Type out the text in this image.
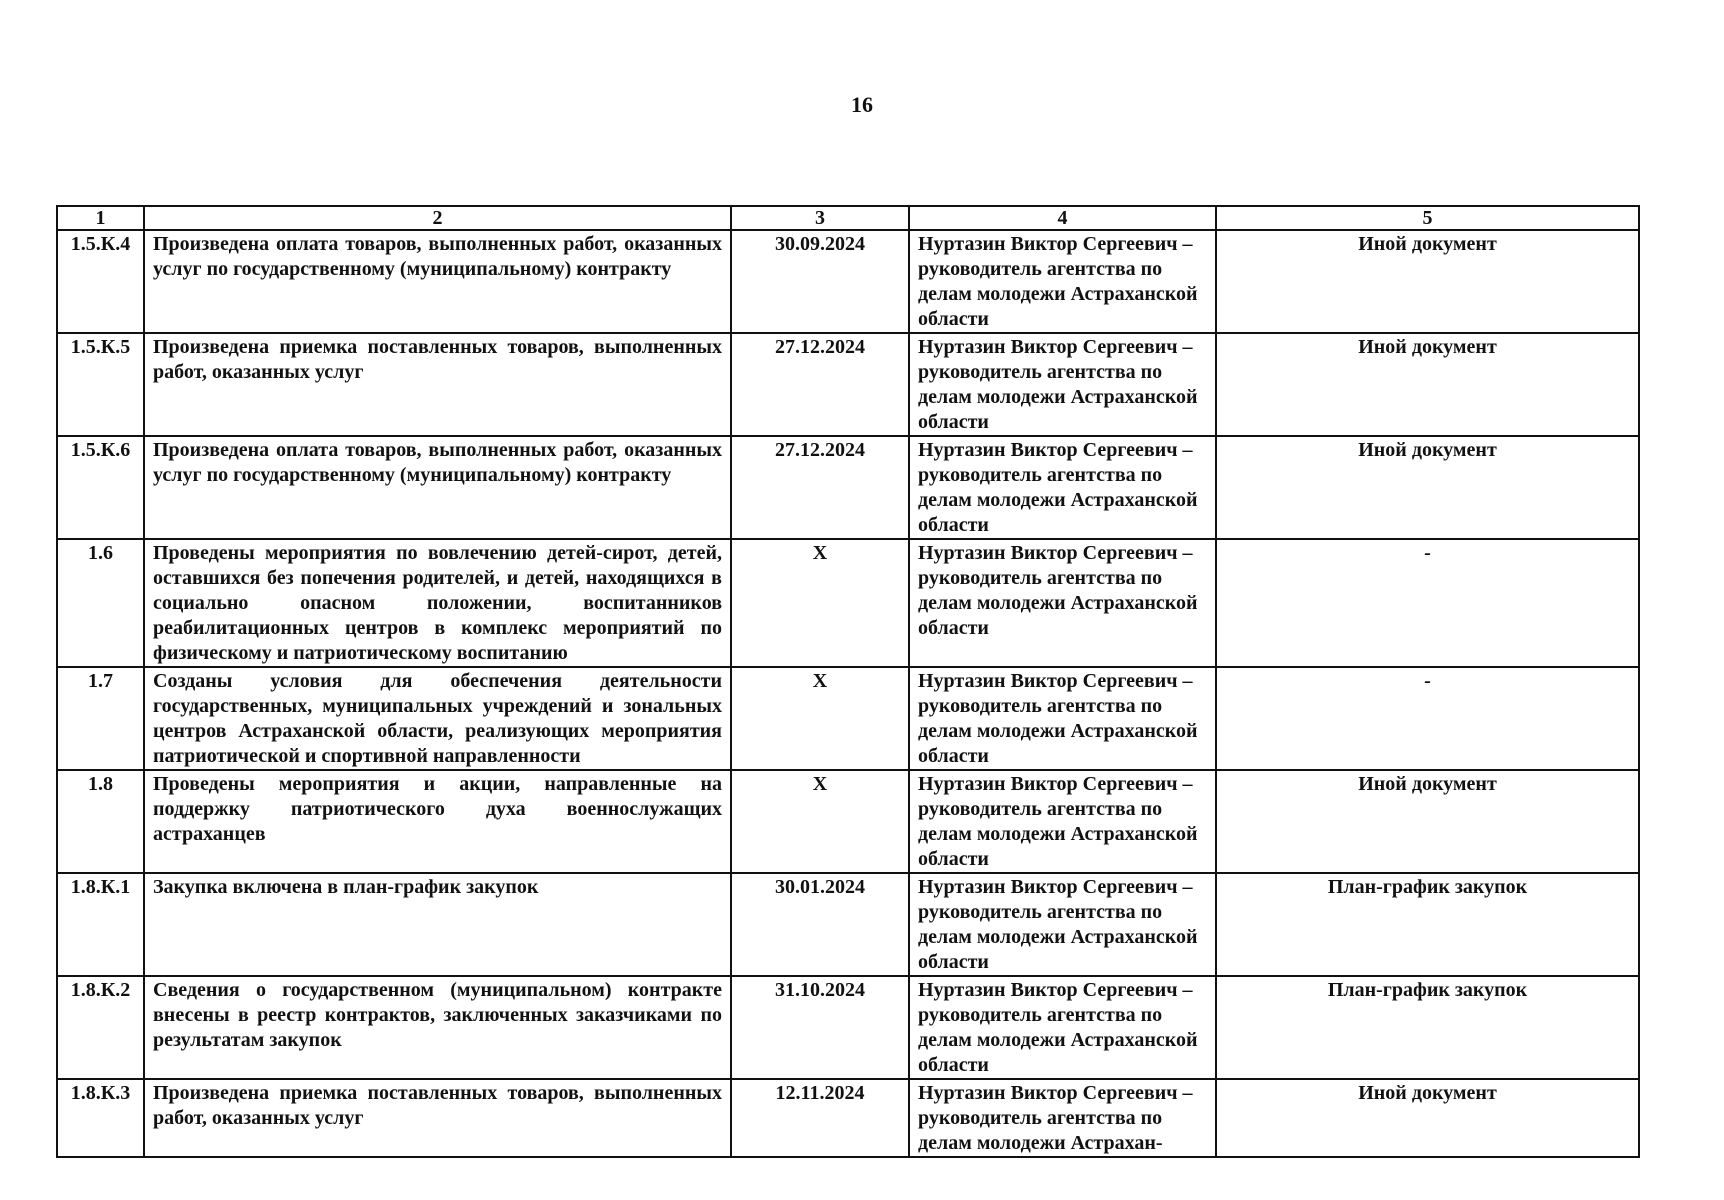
16
1	2	3	4	5
1.5.К.4	Произведена оплата товаров, выполненных работ, оказанных услуг по государственному (муниципальному) контракту	30.09.2024	Нуртазин Виктор Сергеевич – руководитель агентства по делам молодежи Астраханской области	Иной документ
1.5.К.5	Произведена приемка поставленных товаров, выполненных работ, оказанных услуг	27.12.2024	Нуртазин Виктор Сергеевич – руководитель агентства по делам молодежи Астраханской области	Иной документ
1.5.К.6	Произведена оплата товаров, выполненных работ, оказанных услуг по государственному (муниципальному) контракту	27.12.2024	Нуртазин Виктор Сергеевич – руководитель агентства по делам молодежи Астраханской области	Иной документ
1.6	Проведены мероприятия по вовлечению детей-сирот, детей, оставшихся без попечения родителей, и детей, находящихся в социально опасном положении, воспитанников реабилитационных центров в комплекс мероприятий по физическому и патриотическому воспитанию	Х	Нуртазин Виктор Сергеевич – руководитель агентства по делам молодежи Астраханской области	-
1.7	Созданы условия для обеспечения деятельности государственных, муниципальных учреждений и зональных центров Астраханской области, реализующих мероприятия патриотической и спортивной направленности	Х	Нуртазин Виктор Сергеевич – руководитель агентства по делам молодежи Астраханской области	-
1.8	Проведены мероприятия и акции, направленные на поддержку патриотического духа военнослужащих астраханцев	Х	Нуртазин Виктор Сергеевич – руководитель агентства по делам молодежи Астраханской области	Иной документ
1.8.К.1	Закупка включена в план-график закупок	30.01.2024	Нуртазин Виктор Сергеевич – руководитель агентства по делам молодежи Астраханской области	План-график закупок
1.8.К.2	Сведения о государственном (муниципальном) контракте внесены в реестр контрактов, заключенных заказчиками по результатам закупок	31.10.2024	Нуртазин Виктор Сергеевич – руководитель агентства по делам молодежи Астраханской области	План-график закупок
1.8.К.3	Произведена приемка поставленных товаров, выполненных работ, оказанных услуг	12.11.2024	Нуртазин Виктор Сергеевич – руководитель агентства по делам молодежи Астрахан-	Иной документ
